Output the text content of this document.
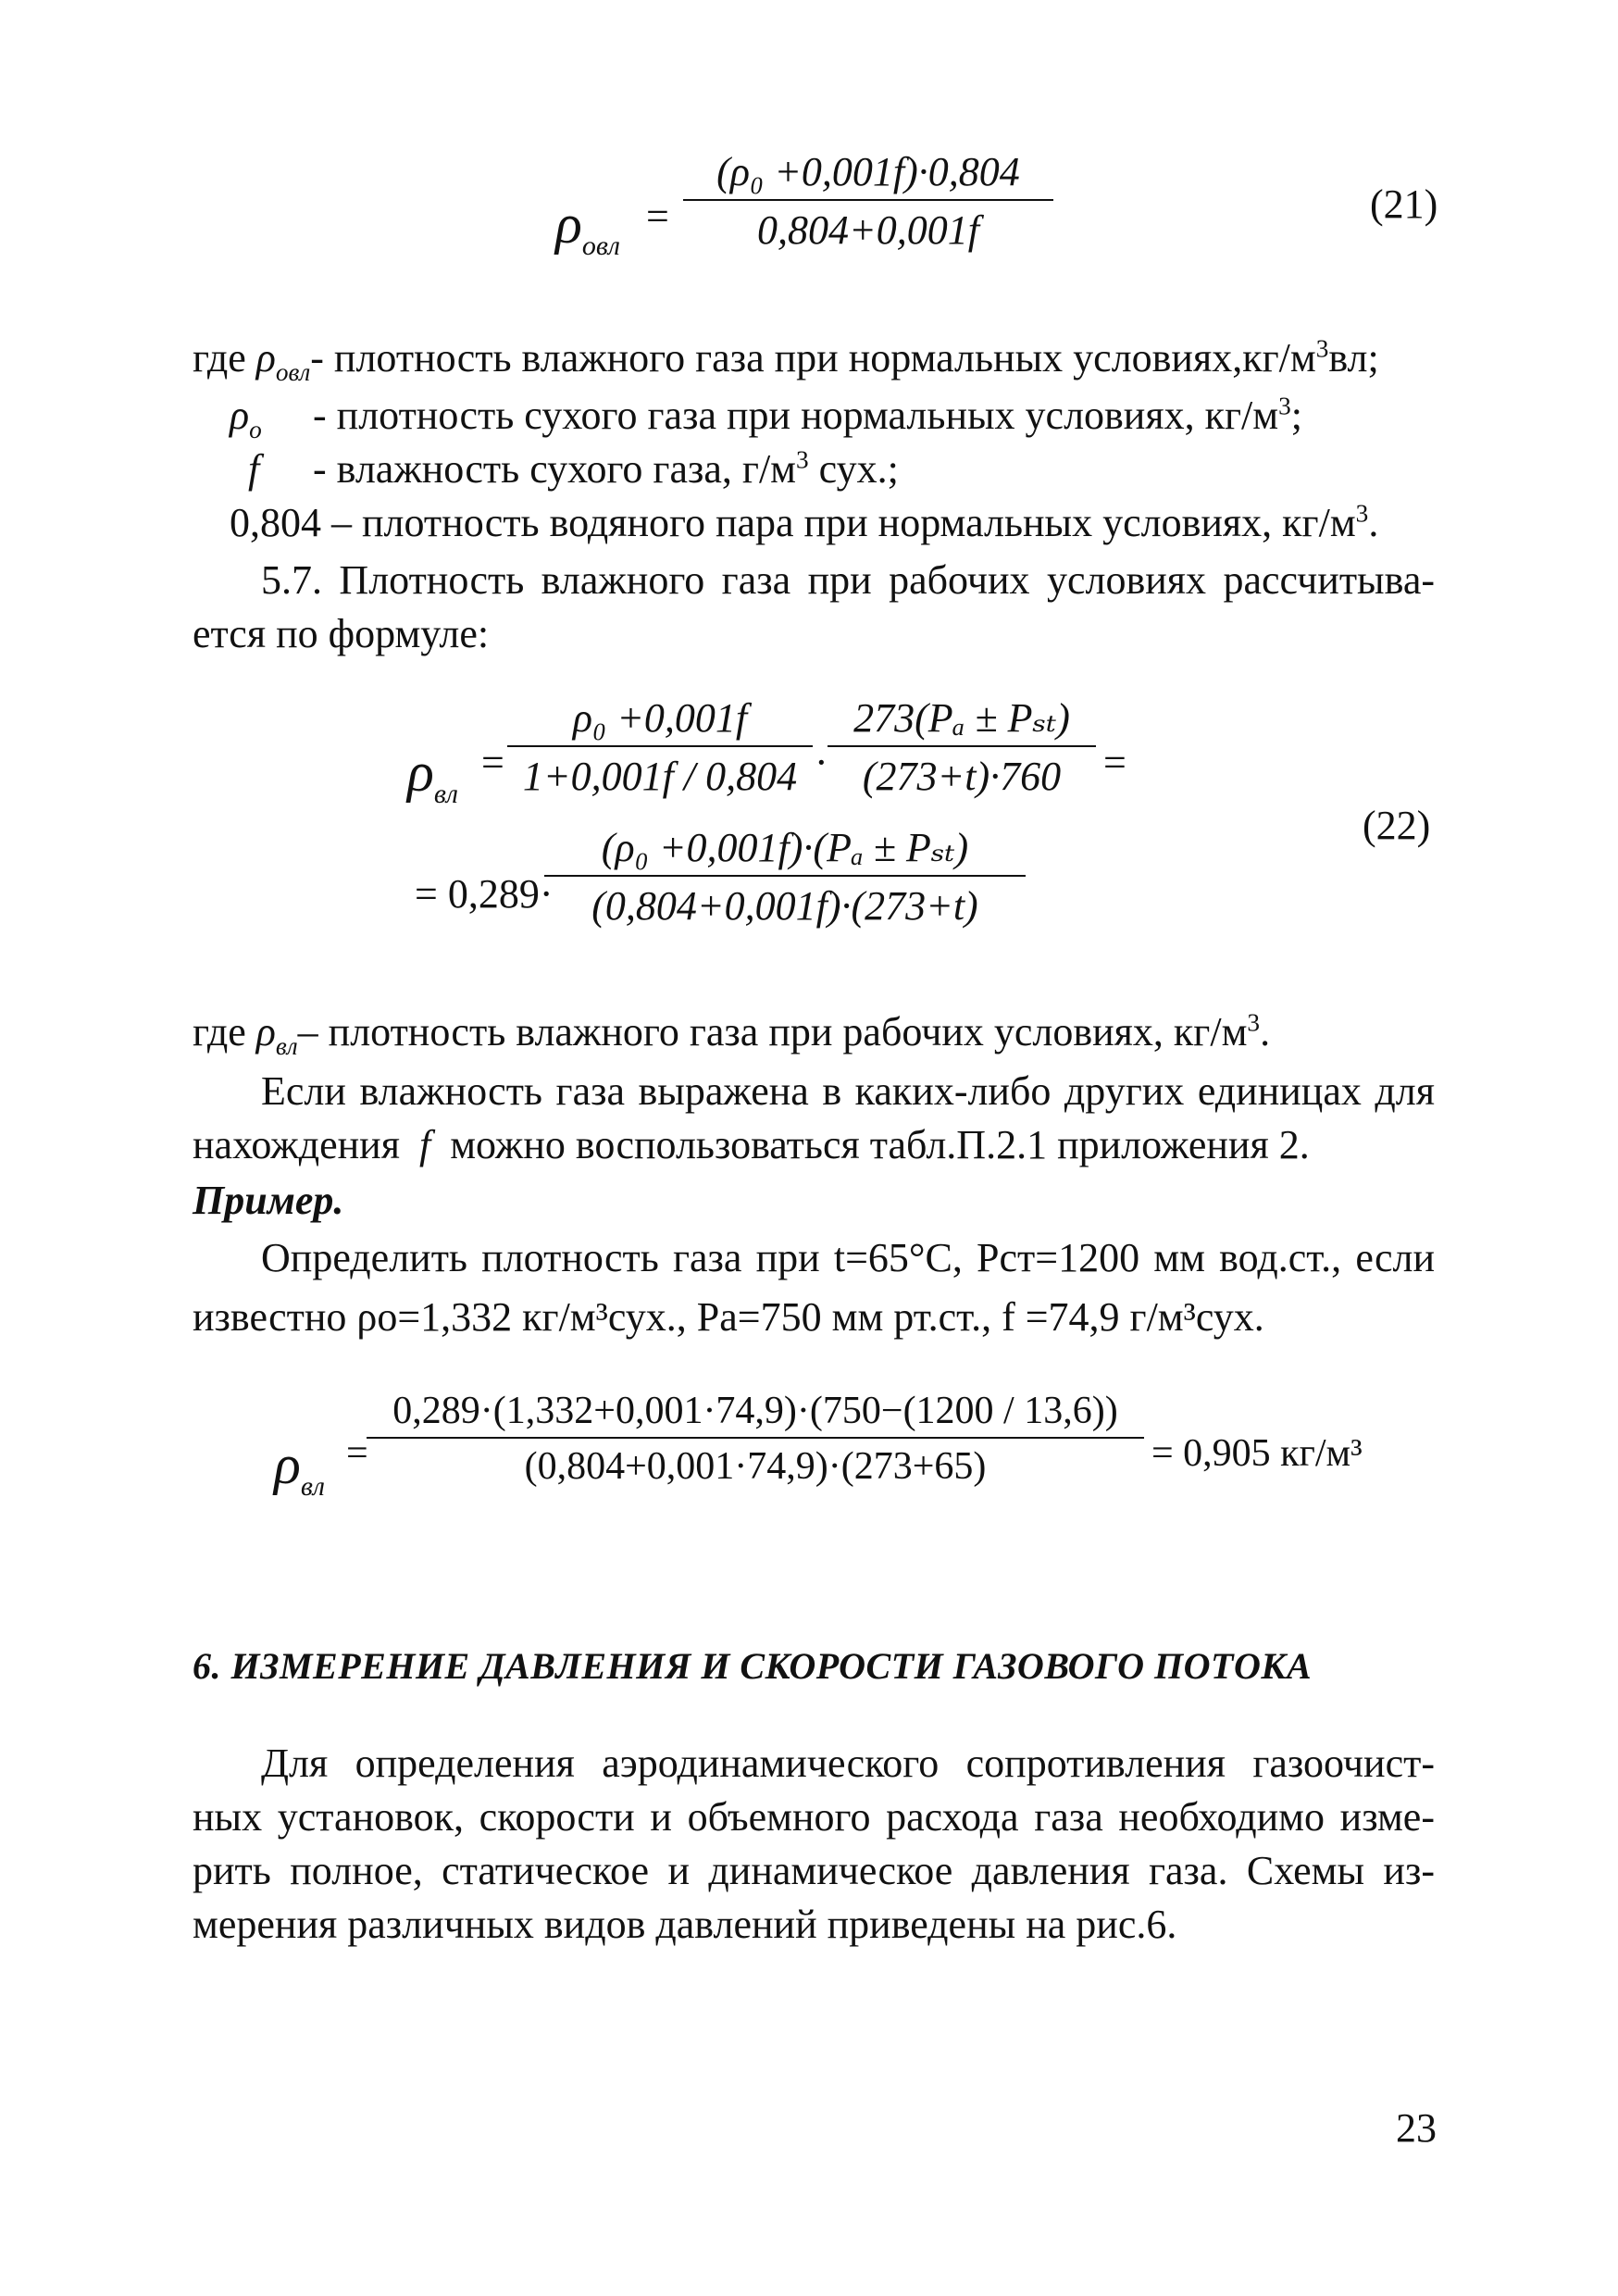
$\rho_{овл}$
= $\frac{\text{(ρ₀ +0,001f)·0,804}}{0,804+0,001f}$	(21)
где $\rho_{овл}-$ плотность влажного газа при нормальных $условиях,кг/м^3вл$;
$\rho_о$ - плотность сухого газа при нормальных условиях, $кг/м^3$;
f - влажность сухого газа, $г/м^3$ сух.;
0,804 – плотность водяного пара при нормальных условиях, $кг/м^3$.
5.7. Плотность влажного газа при рабочих условиях рассчитыва-
ется по формуле:
$\rho_{вл}$
= $\frac{\text{ρ₀ +0,001f}}{1+0,001f / 0,804}$ ·
273(Pₐ ± Pₛₜ)
(273+t)·760	=
= 0,289·
(ρ₀ +0,001f)·(Pₐ ± Pₛₜ)
(0,804+0,001f)·(273+t)
(22)
где $\rho_{вл}-$ плотность влажного газа при рабочих условиях, $кг/м^3$.
Если влажность газа выражена в каких-либо других единицах для
нахождения f можно воспользоваться табл.П.2.1 приложения 2.
Пример.
Определить плотность газа при t=65°C, Pст=1200 мм вод.ст., если
известно ρо=1,332 кг/м³сух., Pа=750 мм рт.ст., f =74,9 г/м³сух.
$\rho_{вл}$
=
$\frac{0,289\cdot(1,332+0,001\cdot 74,9)\cdot(750-(1200 / 13,6))}{(0,804+0,001\cdot 74,9)\cdot(273+65)} = 0,905$ кг/м³
6. ИЗМЕРЕНИЕ ДАВЛЕНИЯ И СКОРОСТИ ГАЗОВОГО ПОТОКА
Для определения аэродинамического сопротивления газоочист-
ных установок, скорости и объемного расхода газа необходимо изме-
рить полное, статическое и динамическое давления газа. Схемы из-
мерения различных видов давлений приведены на рис.6.
23
